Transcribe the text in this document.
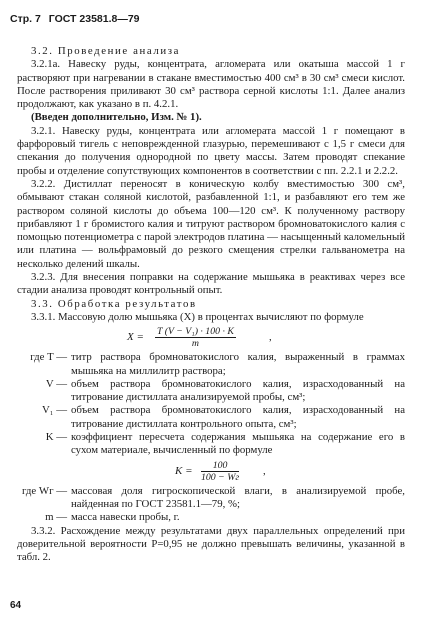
Стр. 7 ГОСТ 23581.8—79

3.2. Проведение анализа

3.2.1а. Навеску руды, концентрата, агломерата или окатыша массой 1 г растворяют при нагревании в стакане вместимостью 400 см³ в 30 см³ смеси кислот. После растворения приливают 30 см³ раствора серной кислоты 1:1. Далее анализ продолжают, как указано в п. 4.2.1.

(Введен дополнительно, Изм. № 1).

3.2.1. Навеску руды, концентрата или агломерата массой 1 г помещают в фарфоровый тигель с неповрежденной глазурью, перемешивают с 1,5 г смеси для спекания до получения однородной по цвету массы. Затем проводят спекание пробы и отделение сопутствующих компонентов в соответствии с пп. 2.2.1 и 2.2.2.

3.2.2. Дистиллат переносят в коническую колбу вместимостью 300 см³, обмывают стакан соляной кислотой, разбавленной 1:1, и разбавляют его тем же раствором соляной кислоты до объема 100—120 см³. К полученному раствору прибавляют 1 г бромистого калия и титруют раствором бромноватокислого калия с помощью потенциометра с парой электродов платина — насыщенный каломельный или платина — вольфрамовый до резкого смещения стрелки гальванометра на несколько делений шкалы.

3.2.3. Для внесения поправки на содержание мышьяка в реактивах через все стадии анализа проводят контрольный опыт.

3.3. Обработка результатов

3.3.1. Массовую долю мышьяка (X) в процентах вычисляют по формуле

$X = \frac{\text{T (V − V₁) · 100 · K}}{m}$	,
где T — титр раствора бромноватокислого калия, выраженный в граммах мышьяка на миллилитр раствора;
V — объем раствора бромноватокислого калия, израсходованный на титрование дистиллата анализируемой пробы, см³;
V₁ — объем раствора бромноватокислого калия, израсходованный на титрование дистиллата контрольного опыта, см³;
K — коэффициент пересчета содержания мышьяка на содержание его в сухом материале, вычисленный по формуле
K =	100
100 − Wг
,
где Wг — массовая доля гигроскопической влаги, в анализируемой пробе, найденная по ГОСТ 23581.1—79, %;
m — масса навески пробы, г.

3.3.2. Расхождение между результатами двух параллельных определений при доверительной вероятности P=0,95 не должно превышать величины, указанной в табл. 2.

64
